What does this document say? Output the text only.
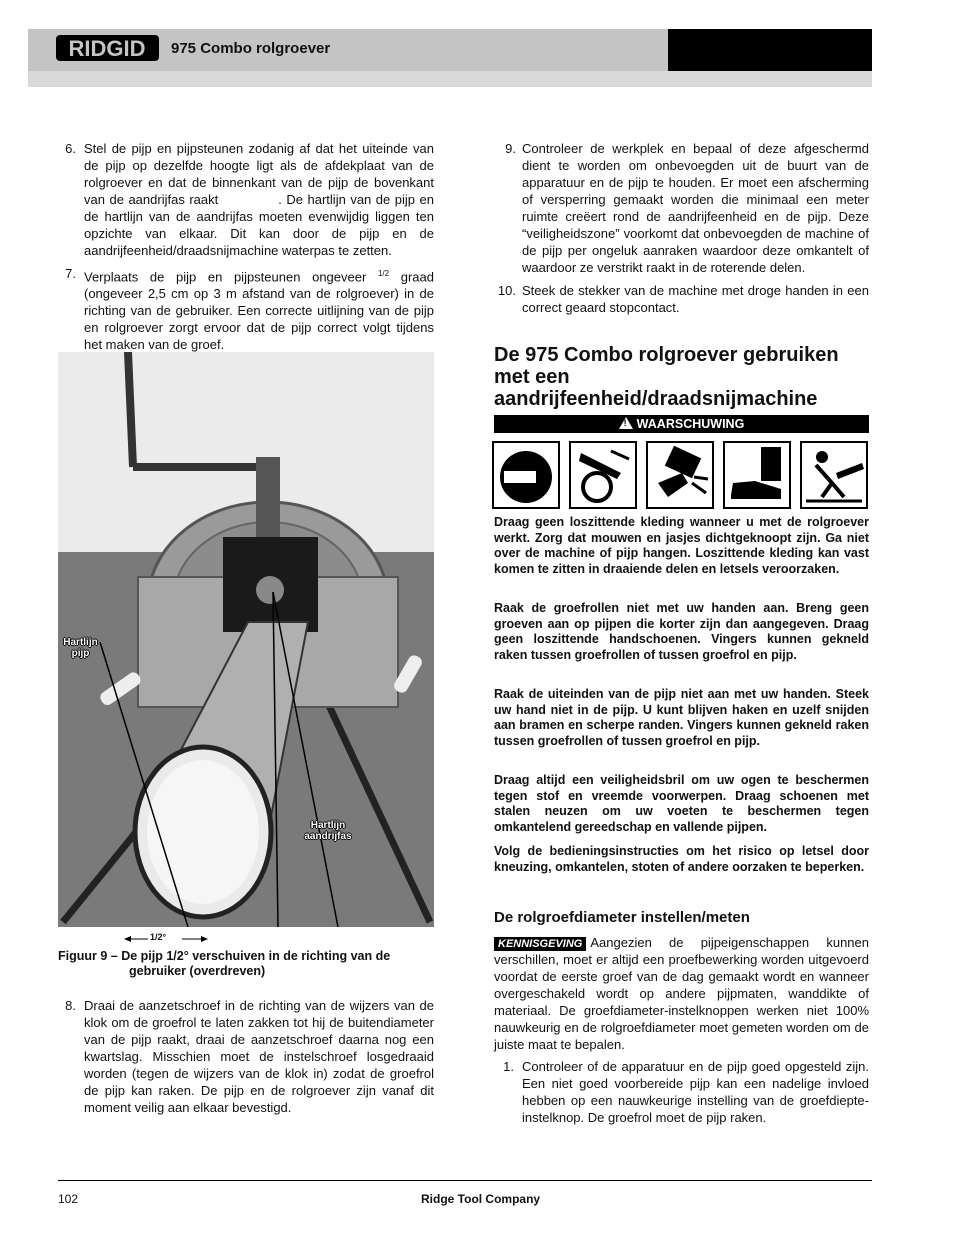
RIDGID 975 Combo rolgroever
6. Stel de pijp en pijpsteunen zodanig af dat het uiteinde van de pijp op dezelfde hoogte ligt als de afdekplaat van de rolgroever en dat de binnenkant van de pijp de bovenkant van de aandrijfas raakt	. De hartlijn van de pijp en de hartlijn van de aandrijfas moeten evenwijdig liggen ten opzichte van elkaar. Dit kan door de pijp en de aandrijfeenheid/draadsnijmachine waterpas te zetten.
7. Verplaats de pijp en pijpsteunen ongeveer $^{1/2}$ graad (ongeveer 2,5 cm op 3 m afstand van de rolgroever) in de richting van de gebruiker. Een correcte uitlijning van de pijp en rolgroever zorgt ervoor dat de pijp correct volgt tijdens het maken van de groef.
Hartlijn pijp
Hartlijn aandrijfas
1/2°
Figuur 9 – De pijp 1/2° verschuiven in de richting van de
gebruiker (overdreven)
8. Draai de aanzetschroef in de richting van de wijzers van de klok om de groefrol te laten zakken tot hij de buitendiameter van de pijp raakt, draai de aanzetschroef daarna nog een kwartslag. Misschien moet de instelschroef losgedraaid worden (tegen de wijzers van de klok in) zodat de groefrol de pijp kan raken. De pijp en de rolgroever zijn vanaf dit moment veilig aan elkaar bevestigd.
9. Controleer de werkplek en bepaal of deze afgeschermd dient te worden om onbevoegden uit de buurt van de apparatuur en de pijp te houden. Er moet een afscherming of versperring gemaakt worden die minimaal een meter ruimte creëert rond de aandrijfeenheid en de pijp. Deze “veiligheidszone” voorkomt dat onbevoegden de machine of de pijp per ongeluk aanraken waardoor deze omkantelt of waardoor ze verstrikt raakt in de roterende delen.
10. Steek de stekker van de machine met droge handen in een correct geaard stopcontact.
De 975 Combo rolgroever gebruiken met een aandrijfeenheid/draadsnijmachine
!WAARSCHUWING

Draag geen loszittende kleding wanneer u met de rolgroever werkt. Zorg dat mouwen en jasjes dichtgeknoopt zijn. Ga niet over de machine of pijp hangen. Loszittende kleding kan vast komen te zitten in draaiende delen en letsels veroorzaken.

Raak de groefrollen niet met uw handen aan. Breng geen groeven aan op pijpen die korter zijn dan aangegeven. Draag geen loszittende handschoenen. Vingers kunnen gekneld raken tussen groefrollen of tussen groefrol en pijp.

Raak de uiteinden van de pijp niet aan met uw handen. Steek uw hand niet in de pijp. U kunt blijven haken en uzelf snijden aan bramen en scherpe randen. Vingers kunnen gekneld raken tussen groefrollen of tussen groefrol en pijp.

Draag altijd een veiligheidsbril om uw ogen te beschermen tegen stof en vreemde voorwerpen. Draag schoenen met stalen neuzen om uw voeten te beschermen tegen omkantelend gereedschap en vallende pijpen.

Volg de bedieningsinstructies om het risico op letsel door kneuzing, omkantelen, stoten of andere oorzaken te beperken.

De rolgroefdiameter instellen/meten
KENNISGEVING Aangezien de pijpeigenschappen kunnen verschillen, moet er altijd een proefbewerking worden uitgevoerd voordat de eerste groef van de dag gemaakt wordt en wanneer overgeschakeld wordt op andere pijpmaten, wanddikte of materiaal. De groefdiameter-instelknoppen werken niet 100% nauwkeurig en de rolgroefdiameter moet gemeten worden om de juiste maat te bepalen.
1. Controleer of de apparatuur en de pijp goed opgesteld zijn. Een niet goed voorbereide pijp kan een nadelige invloed hebben op een nauwkeurige instelling van de groefdiepte-instelknop. De groefrol moet de pijp raken.
102	Ridge Tool Company
